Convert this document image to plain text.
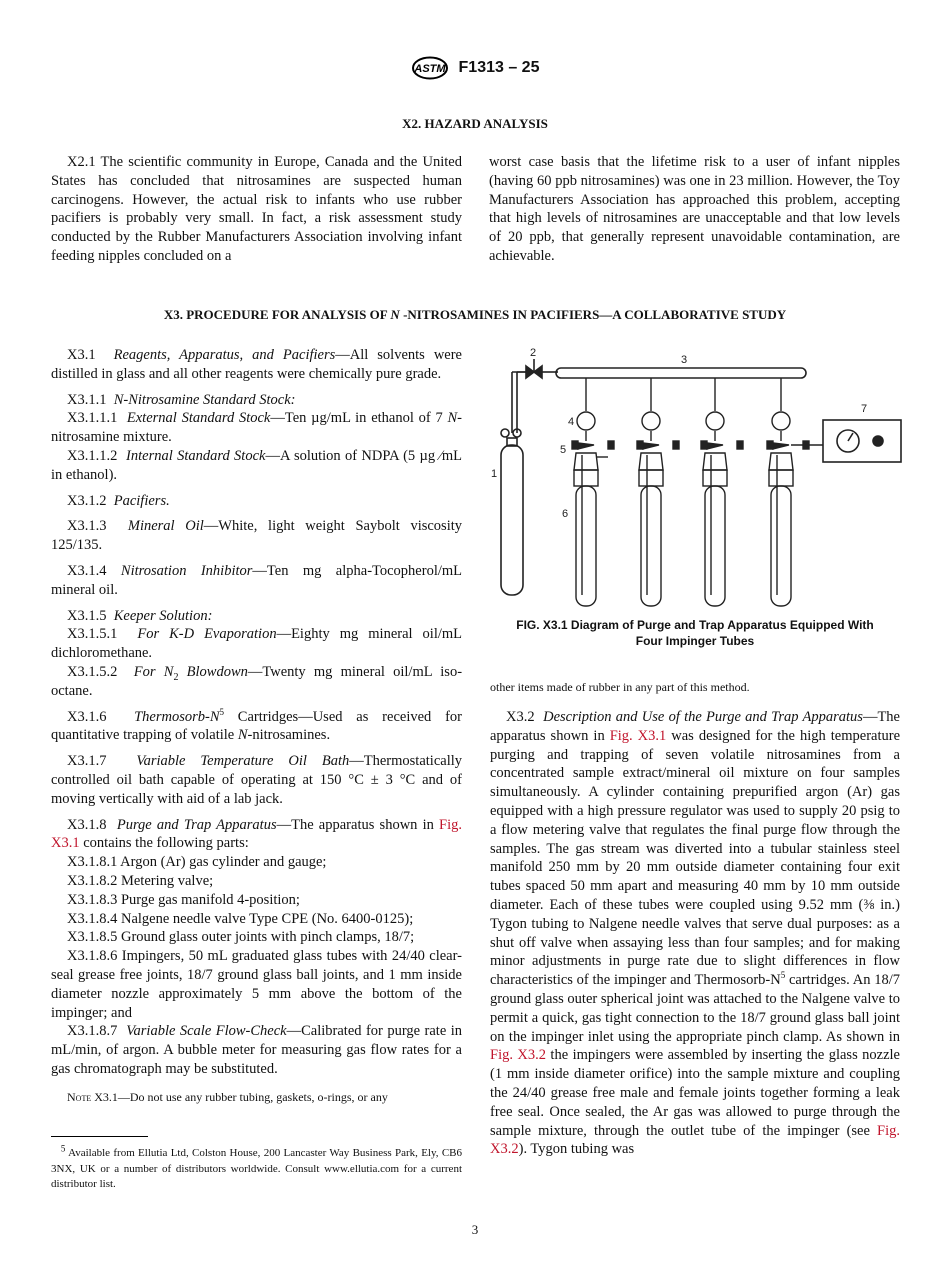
ASTM F1313 – 25
X2. HAZARD ANALYSIS

X2.1 The scientific community in Europe, Canada and the United States has concluded that nitrosamines are suspected human carcinogens. However, the actual risk to infants who use rubber pacifiers is probably very small. In fact, a risk assessment study conducted by the Rubber Manufacturers Association involving infant feeding nipples concluded on a

worst case basis that the lifetime risk to a user of infant nipples (having 60 ppb nitrosamines) was one in 23 million. However, the Toy Manufacturers Association has approached this problem, accepting that high levels of nitrosamines are unacceptable and that low levels of 20 ppb, that generally represent unavoidable contamination, are achievable.

X3. PROCEDURE FOR ANALYSIS OF N -NITROSAMINES IN PACIFIERS—A COLLABORATIVE STUDY

X3.1 Reagents, Apparatus, and Pacifiers—All solvents were distilled in glass and all other reagents were chemically pure grade.

X3.1.1 N-Nitrosamine Standard Stock:

X3.1.1.1 External Standard Stock—Ten µg/mL in ethanol of 7 N-nitrosamine mixture.

X3.1.1.2 Internal Standard Stock—A solution of NDPA (5 µg ⁄mL in ethanol).

X3.1.2 Pacifiers.

X3.1.3 Mineral Oil—White, light weight Saybolt viscosity 125/135.

X3.1.4 Nitrosation Inhibitor—Ten mg alpha-Tocopherol/mL mineral oil.

X3.1.5 Keeper Solution:

X3.1.5.1 For K-D Evaporation—Eighty mg mineral oil/mL dichloromethane.

X3.1.5.2 For $N_2$ Blowdown—Twenty mg mineral oil/mL iso-octane.

X3.1.6 Thermosorb-$N^5$ Cartridges—Used as received for quantitative trapping of volatile N-nitrosamines.

X3.1.7 Variable Temperature Oil Bath—Thermostatically controlled oil bath capable of operating at 150 °C ± 3 °C and of moving vertically with aid of a lab jack.

X3.1.8 Purge and Trap Apparatus—The apparatus shown in Fig. X3.1 contains the following parts:

X3.1.8.1 Argon (Ar) gas cylinder and gauge;

X3.1.8.2 Metering valve;

X3.1.8.3 Purge gas manifold 4-position;

X3.1.8.4 Nalgene needle valve Type CPE (No. 6400-0125);

X3.1.8.5 Ground glass outer joints with pinch clamps, 18/7;

X3.1.8.6 Impingers, 50 mL graduated glass tubes with 24/40 clear-seal grease free joints, 18/7 ground glass ball joints, and 1 mm inside diameter nozzle approximately 5 mm above the bottom of the impinger; and

X3.1.8.7 Variable Scale Flow-Check—Calibrated for purge rate in mL/min, of argon. A bubble meter for measuring gas flow rates for a gas chromatograph may be substituted.

Note X3.1—Do not use any rubber tubing, gaskets, o-rings, or any

$^5$ Available from Ellutia Ltd, Colston House, 200 Lancaster Way Business Park, Ely, CB6 3NX, UK or a number of distributors worldwide. Consult www.ellutia.com for a current distributor list.
1
2
3
4
5
6
7
FIG. X3.1 Diagram of Purge and Trap Apparatus Equipped With
Four Impinger Tubes
other items made of rubber in any part of this method.

X3.2 Description and Use of the Purge and Trap Apparatus—The apparatus shown in Fig. X3.1 was designed for the high temperature purging and trapping of seven volatile nitrosamines from a concentrated sample extract/mineral oil mixture on four samples simultaneously. A cylinder containing prepurified argon (Ar) gas equipped with a high pressure regulator was used to supply 20 psig to a flow metering valve that regulates the final purge flow through the samples. The gas stream was diverted into a tubular stainless steel manifold 250 mm by 20 mm outside diameter containing four exit tubes spaced 50 mm apart and measuring 40 mm by 10 mm outside diameter. Each of these tubes were coupled using 9.52 mm (⅜ in.) Tygon tubing to Nalgene needle valves that serve dual purposes: as a shut off valve when assaying less than four samples; and for making minor adjustments in purge rate due to slight differences in flow characteristics of the impinger and Thermosorb-$N^5$ cartridges. An 18/7 ground glass outer spherical joint was attached to the Nalgene valve to permit a quick, gas tight connection to the 18/7 ground glass ball joint on the impinger inlet using the appropriate pinch clamp. As shown in Fig. X3.2 the impingers were assembled by inserting the glass nozzle (1 mm inside diameter orifice) into the sample mixture and coupling the 24/40 grease free male and female joints together forming a leak free seal. Once sealed, the Ar gas was allowed to purge through the sample mixture, through the outlet tube of the impinger (see Fig. X3.2). Tygon tubing was

3
